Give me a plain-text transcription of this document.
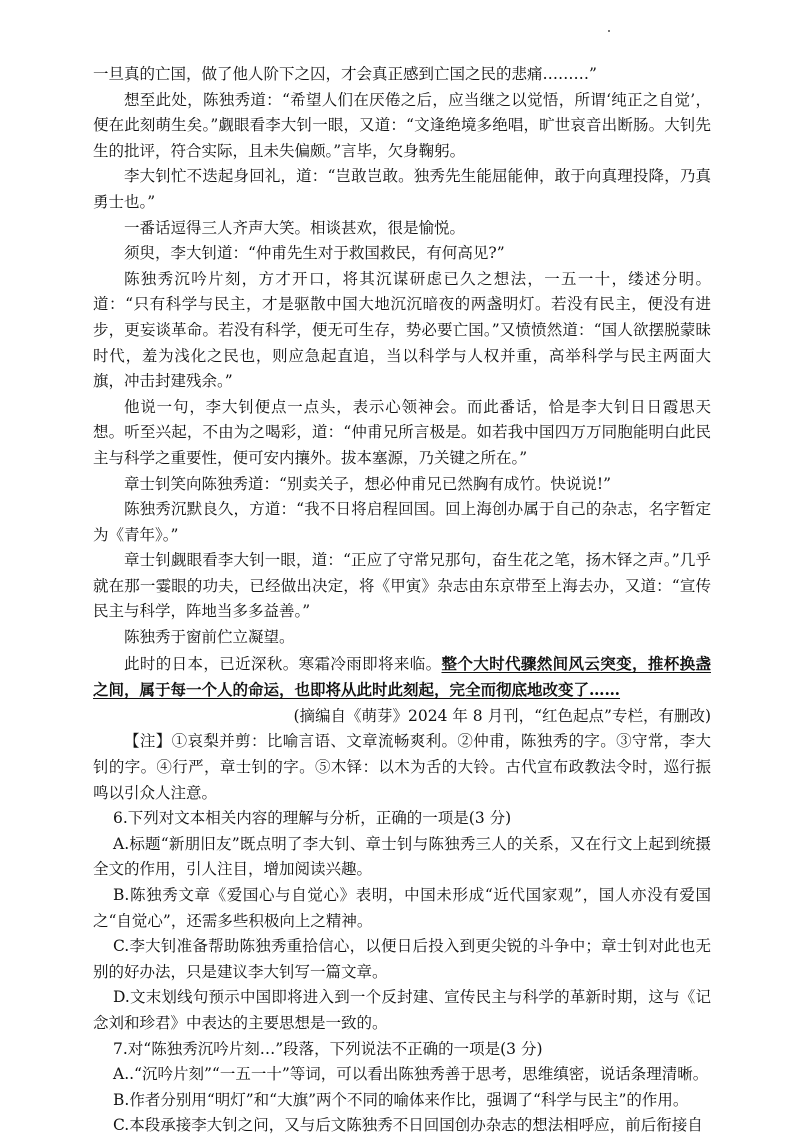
一旦真的亡国，做了他人阶下之囚，才会真正感到亡国之民的悲痛………”

想至此处，陈独秀道：“希望人们在厌倦之后，应当继之以觉悟，所谓‘纯正之自觉’，便在此刻萌生矣。”觑眼看李大钊一眼，又道：“文逢绝境多绝唱，旷世哀音出断肠。大钊先生的批评，符合实际，且未失偏颇。”言毕，欠身鞠躬。

李大钊忙不迭起身回礼，道：“岂敢岂敢。独秀先生能屈能伸，敢于向真理投降，乃真勇士也。”

一番话逗得三人齐声大笑。相谈甚欢，很是愉悦。

须臾，李大钊道：“仲甫先生对于救国救民，有何高见?”

陈独秀沉吟片刻，方才开口，将其沉谋研虑已久之想法，一五一十，缕述分明。道：“只有科学与民主，才是驱散中国大地沉沉暗夜的两盏明灯。若没有民主，便没有进步，更妄谈革命。若没有科学，便无可生存，势必要亡国。”又愤愤然道：“国人欲摆脱蒙昧时代，羞为浅化之民也，则应急起直追，当以科学与人权并重，高举科学与民主两面大旗，冲击封建残余。”

他说一句，李大钊便点一点头，表示心领神会。而此番话，恰是李大钊日日霞思天想。听至兴起，不由为之喝彩，道：“仲甫兄所言极是。如若我中国四万万同胞能明白此民主与科学之重要性，便可安内攘外。拔本塞源，乃关键之所在。”

章士钊笑向陈独秀道：“别卖关子，想必仲甫兄已然胸有成竹。快说说!”

陈独秀沉默良久，方道：“我不日将启程回国。回上海创办属于自己的杂志，名字暂定为《青年》。”

章士钊觑眼看李大钊一眼，道：“正应了守常兄那句，奋生花之笔，扬木铎之声。”几乎就在那一霎眼的功夫，已经做出决定，将《甲寅》杂志由东京带至上海去办，又道：“宣传民主与科学，阵地当多多益善。”

陈独秀于窗前伫立凝望。

此时的日本，已近深秋。寒霜冷雨即将来临。整个大时代骤然间风云突变，推杯换盏之间，属于每一个人的命运，也即将从此时此刻起，完全而彻底地改变了……

(摘编自《萌芽》2024 年 8 月刊，“红色起点”专栏，有删改)

【注】①哀梨并剪：比喻言语、文章流畅爽利。②仲甫，陈独秀的字。③守常，李大钊的字。④行严，章士钊的字。⑤木铎：以木为舌的大铃。古代宣布政教法令时，巡行振鸣以引众人注意。

6.下列对文本相关内容的理解与分析，正确的一项是(3 分)

A.标题“新朋旧友”既点明了李大钊、章士钊与陈独秀三人的关系，又在行文上起到统摄全文的作用，引人注目，增加阅读兴趣。

B.陈独秀文章《爱国心与自觉心》表明，中国未形成“近代国家观”，国人亦没有爱国之“自觉心”，还需多些积极向上之精神。

C.李大钊准备帮助陈独秀重拾信心，以便日后投入到更尖锐的斗争中；章士钊对此也无别的好办法，只是建议李大钊写一篇文章。

D.文末划线句预示中国即将进入到一个反封建、宣传民主与科学的革新时期，这与《记念刘和珍君》中表达的主要思想是一致的。

7.对“陈独秀沉吟片刻…”段落，下列说法不正确的一项是(3 分)

A..“沉吟片刻”“一五一十”等词，可以看出陈独秀善于思考，思维缜密，说话条理清晰。

B.作者分别用“明灯”和“大旗”两个不同的喻体来作比，强调了“科学与民主”的作用。

C.本段承接李大钊之问，又与后文陈独秀不日回国创办杂志的想法相呼应，前后衔接自
